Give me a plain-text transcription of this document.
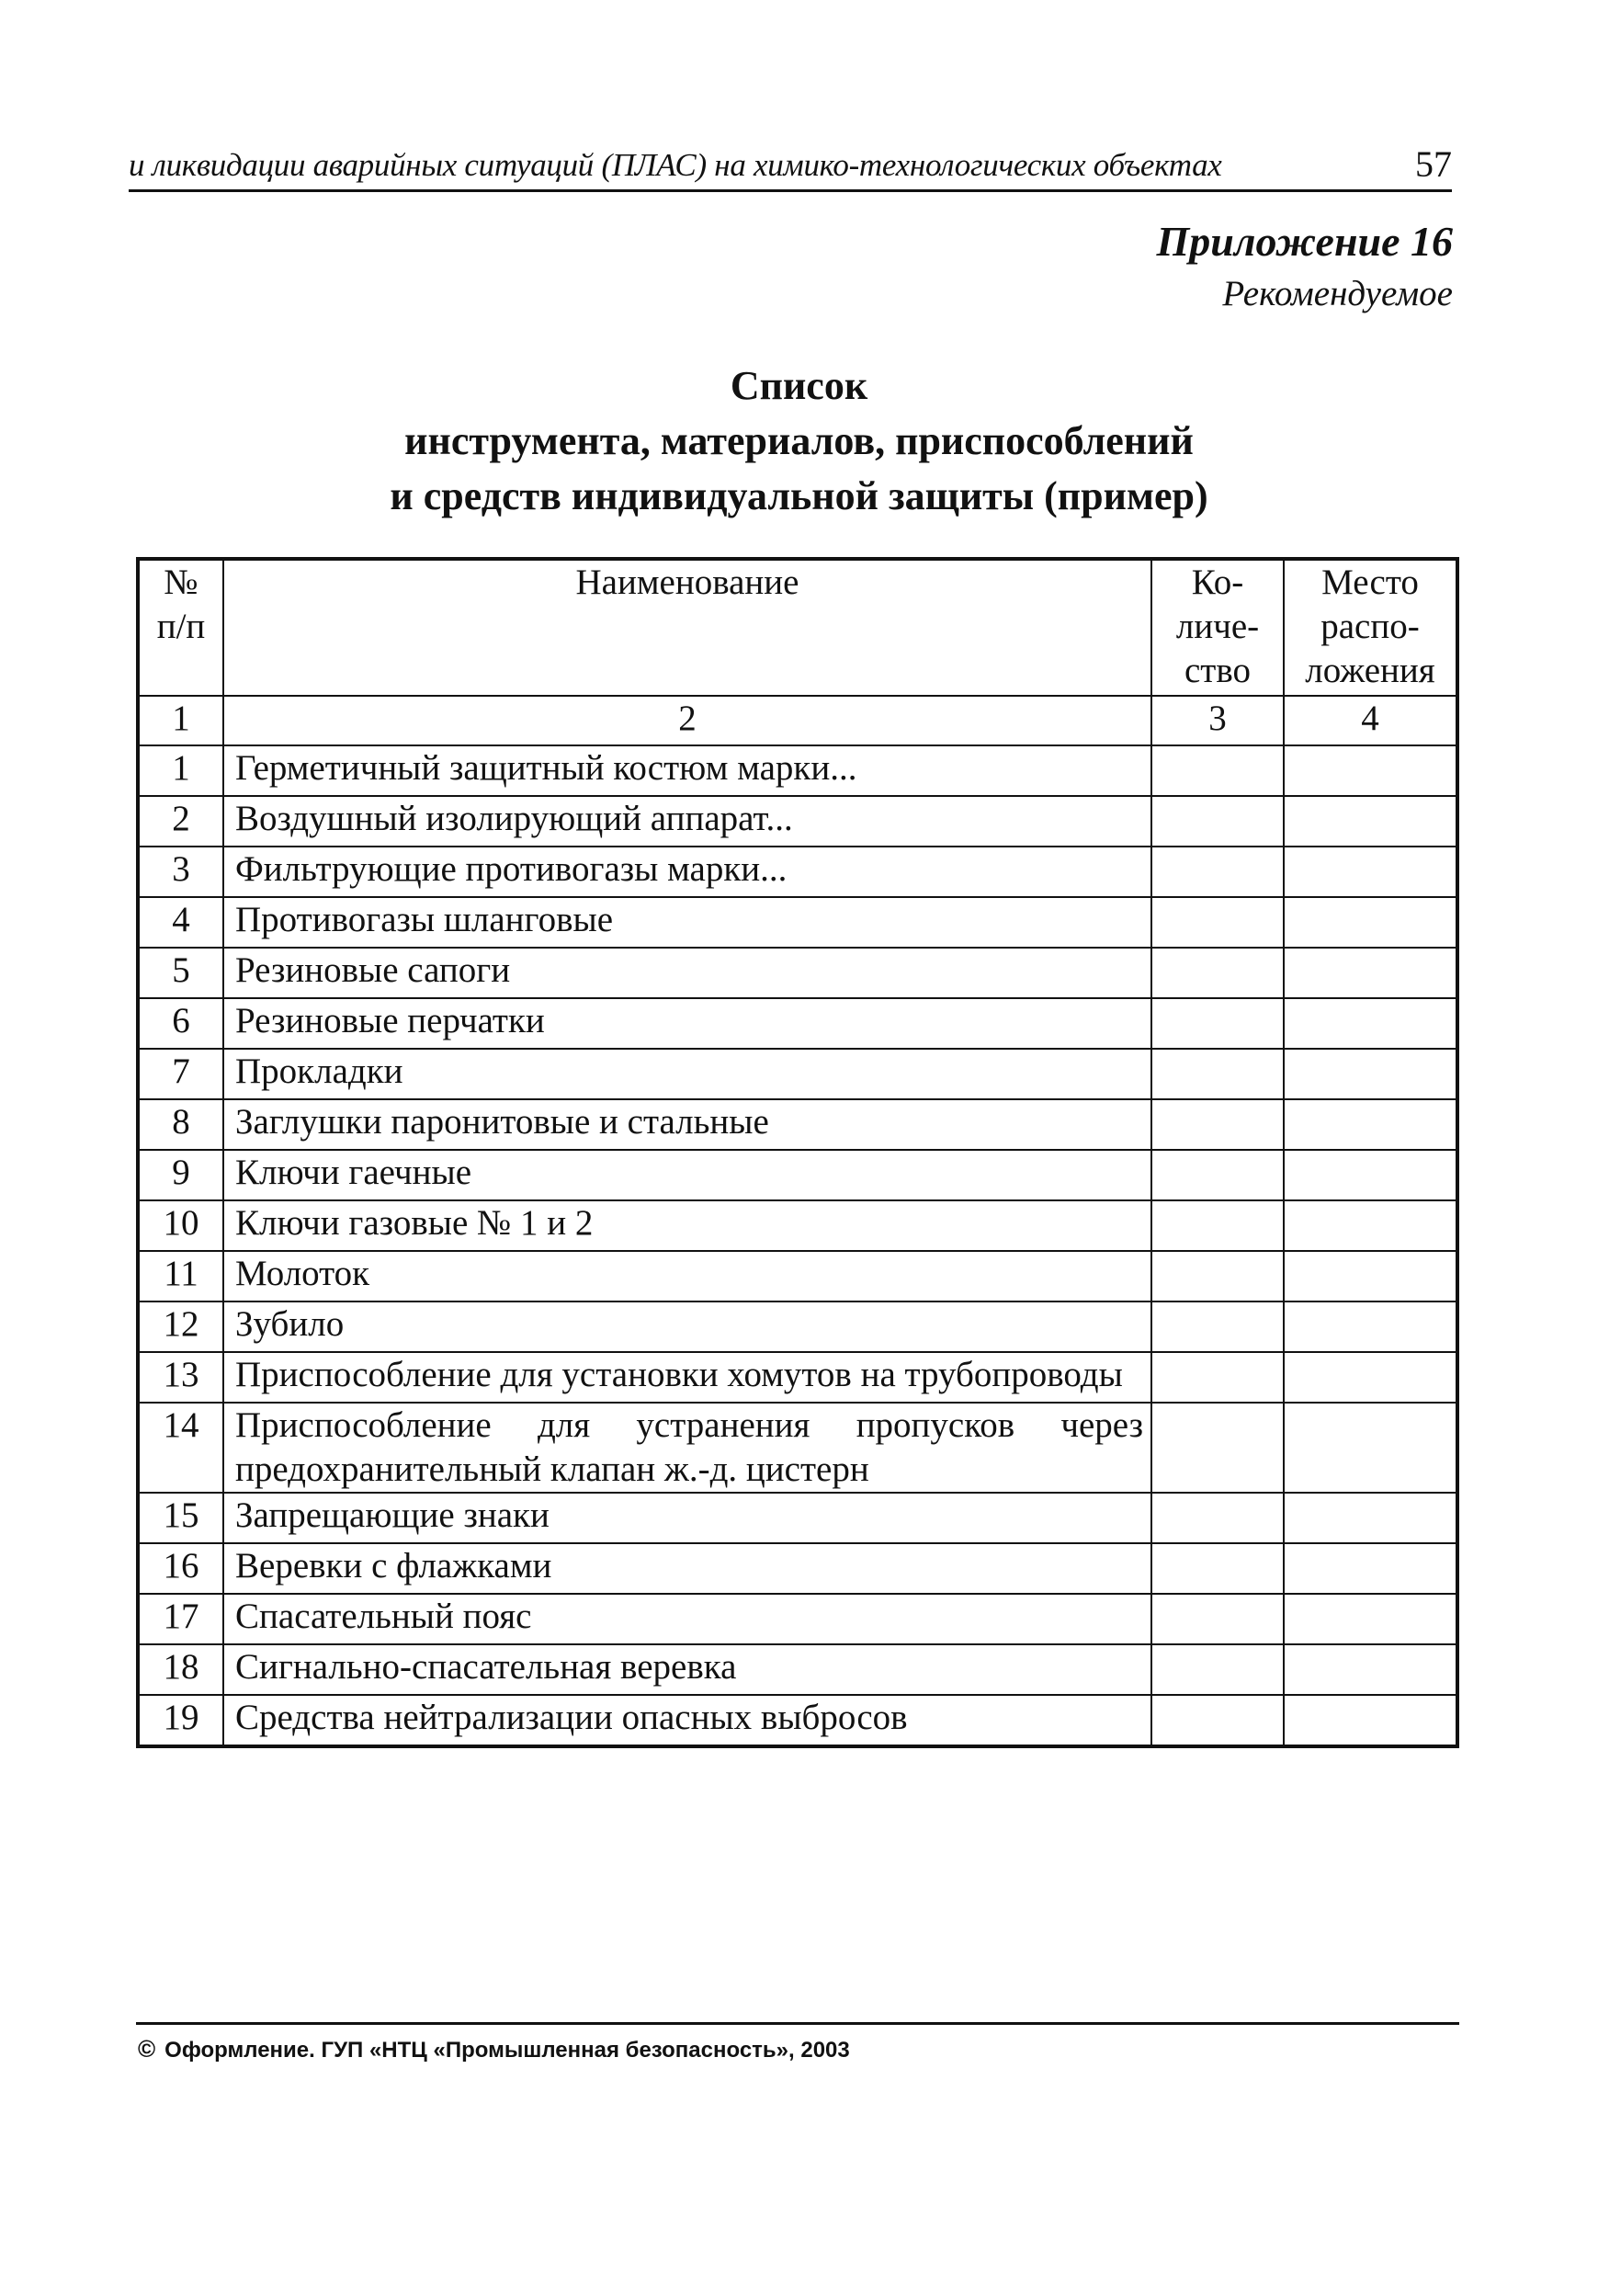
и ликвидации аварийных ситуаций (ПЛАС) на химико-технологических объектах	57
Приложение 16
Рекомендуемое
Список
инструмента, материалов, приспособлений
и средств индивидуальной защиты (пример)
№ п/п	Наименование	Ко-личе-ство	Место распо-ложения
1	2	3	4
1	Герметичный защитный костюм марки...		
2	Воздушный изолирующий аппарат...		
3	Фильтрующие противогазы марки...		
4	Противогазы шланговые		
5	Резиновые сапоги		
6	Резиновые перчатки		
7	Прокладки		
8	Заглушки паронитовые и стальные		
9	Ключи гаечные		
10	Ключи газовые № 1 и 2		
11	Молоток		
12	Зубило		
13	Приспособление для установки хомутов на трубопроводы		
14	Приспособление для устранения пропусков через предохранительный клапан ж.-д. цистерн		
15	Запрещающие знаки		
16	Веревки с флажками		
17	Спасательный пояс		
18	Сигнально-спасательная веревка		
19	Средства нейтрализации опасных выбросов		
© Оформление. ГУП «НТЦ «Промышленная безопасность», 2003
